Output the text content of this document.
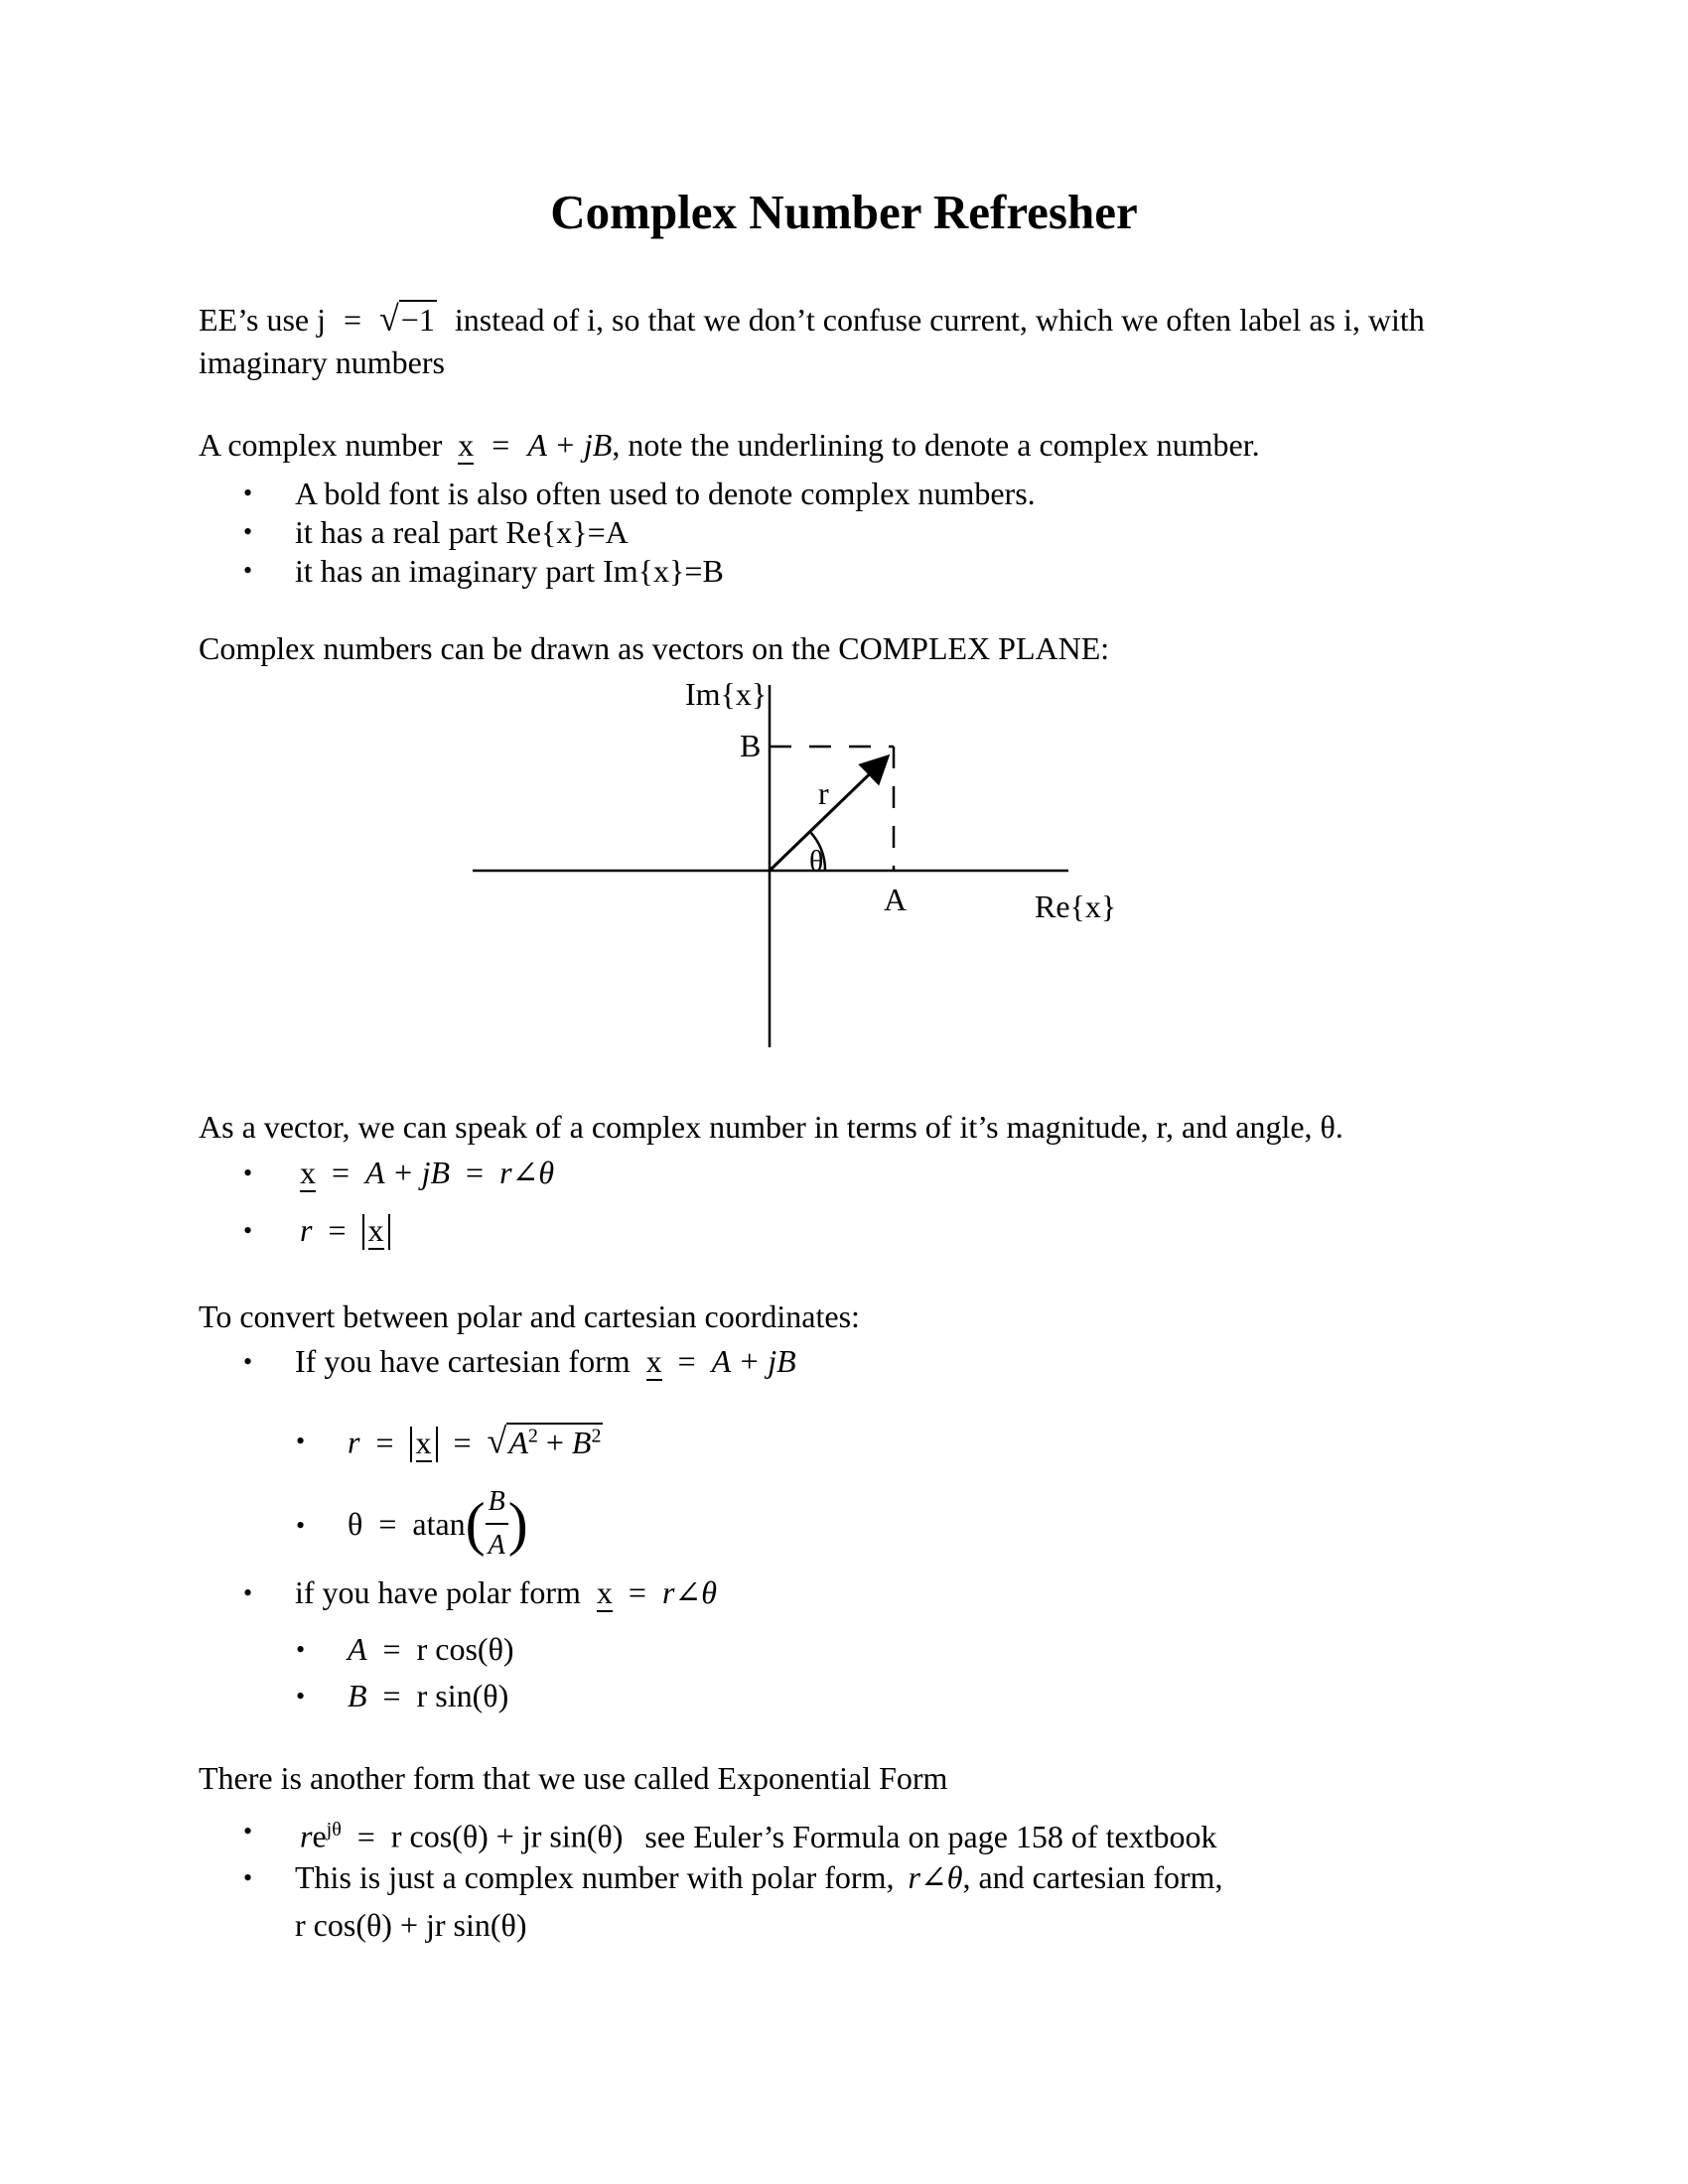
Complex Number Refresher
EE’s use j = √−1 instead of i, so that we don’t confuse current, which we often label as i, with
imaginary numbers
A complex number x = A + jB, note the underlining to denote a complex number.
• A bold font is also often used to denote complex numbers.
• it has a real part Re{x}=A
• it has an imaginary part Im{x}=B
Complex numbers can be drawn as vectors on the COMPLEX PLANE:
Im{x}
B
r
θ
A	Re{x}
As a vector, we can speak of a complex number in terms of it’s magnitude, r, and angle, θ.
• x = A + jB = r∠θ
• r = x
To convert between polar and cartesian coordinates:
• If you have cartesian form x = A + jB
• $r = x = √A^2 + B^2$
• $\theta = atan( \frac{B}{A}$ )
• if you have polar form x = r∠θ
• A = r cos(θ)
• B = r sin(θ)
There is another form that we use called Exponential Form
• $re^{j\theta} = r$ cos(θ) + jr sin(θ) see Euler’s Formula on page 158 of textbook
• This is just a complex number with polar form, r∠θ, and cartesian form,
r cos(θ) + jr sin(θ)
